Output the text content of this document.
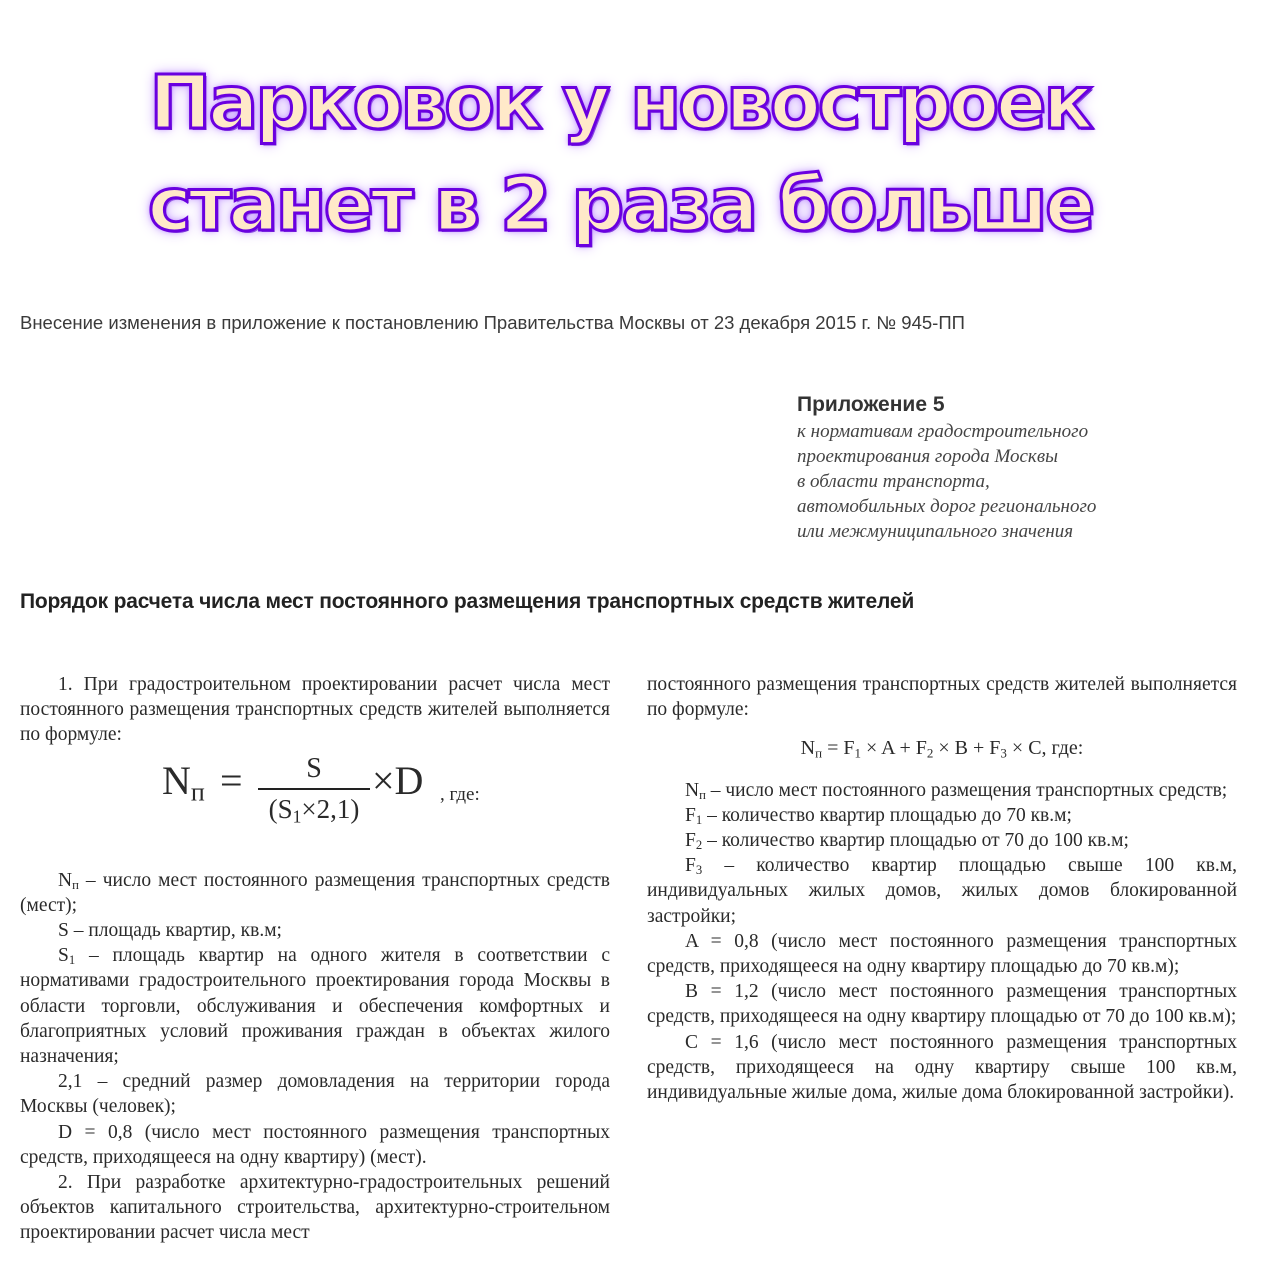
Парковок у новостроек
станет в 2 раза больше
Внесение изменения в приложение к постановлению Правительства Москвы от 23 декабря 2015 г. № 945-ПП
Приложение 5
к нормативам градостроительного
проектирования города Москвы
в области транспорта,
автомобильных дорог регионального
или межмуниципального значения
Порядок расчета числа мест постоянного размещения транспортных средств жителей

1. При градостроительном проектировании расчет числа мест постоянного размещения транспортных средств жителей выполняется по формуле:

$N_п$ =	S
$(S_1\times 2,1)$
×D , где:

$N_п$ – число мест постоянного размещения транспортных средств (мест);

S – площадь квартир, кв.м;

$S_1$ – площадь квартир на одного жителя в соответствии с нормативами градостроительного проектирования города Москвы в области торговли, обслуживания и обеспечения комфортных и благоприятных условий проживания граждан в объектах жилого назначения;

2,1 – средний размер домовладения на территории города Москвы (человек);

D = 0,8 (число мест постоянного размещения транспортных средств, приходящееся на одну квартиру) (мест).

2. При разработке архитектурно-градостроительных решений объектов капитального строительства, архитектурно-строительном проектировании расчет числа мест

постоянного размещения транспортных средств жителей выполняется по формуле:

$N_п = F_1 \times A + F_2 \times B + F_3 \times C$, где:

$N_п$ – число мест постоянного размещения транспортных средств;

$F_1$ – количество квартир площадью до 70 кв.м;

$F_2$ – количество квартир площадью от 70 до 100 кв.м;

$F_3$ – количество квартир площадью свыше 100 кв.м, индивидуальных жилых домов, жилых домов блокированной застройки;

A = 0,8 (число мест постоянного размещения транспортных средств, приходящееся на одну квартиру площадью до 70 кв.м);

B = 1,2 (число мест постоянного размещения транспортных средств, приходящееся на одну квартиру площадью от 70 до 100 кв.м);

C = 1,6 (число мест постоянного размещения транспортных средств, приходящееся на одну квартиру свыше 100 кв.м, индивидуальные жилые дома, жилые дома блокированной застройки).
